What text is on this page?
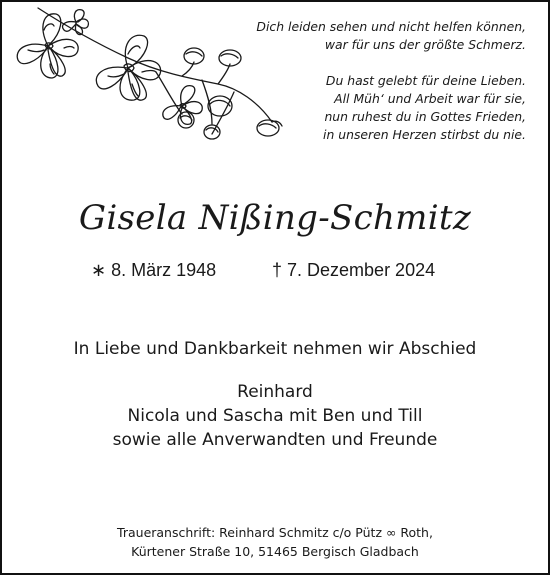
Dich leiden sehen und nicht helfen können,
war für uns der größte Schmerz.

Du hast gelebt für deine Lieben.
All Müh‘ und Arbeit war für sie,
nun ruhest du in Gottes Frieden,
in unseren Herzen stirbst du nie.

Gisela Nißing-Schmitz
∗ 8. März 1948	† 7. Dezember 2024
In Liebe und Dankbarkeit nehmen wir Abschied
Reinhard
Nicola und Sascha mit Ben und Till
sowie alle Anverwandten und Freunde
Traueranschrift: Reinhard Schmitz c/o Pütz ∞ Roth,
Kürtener Straße 10, 51465 Bergisch Gladbach
